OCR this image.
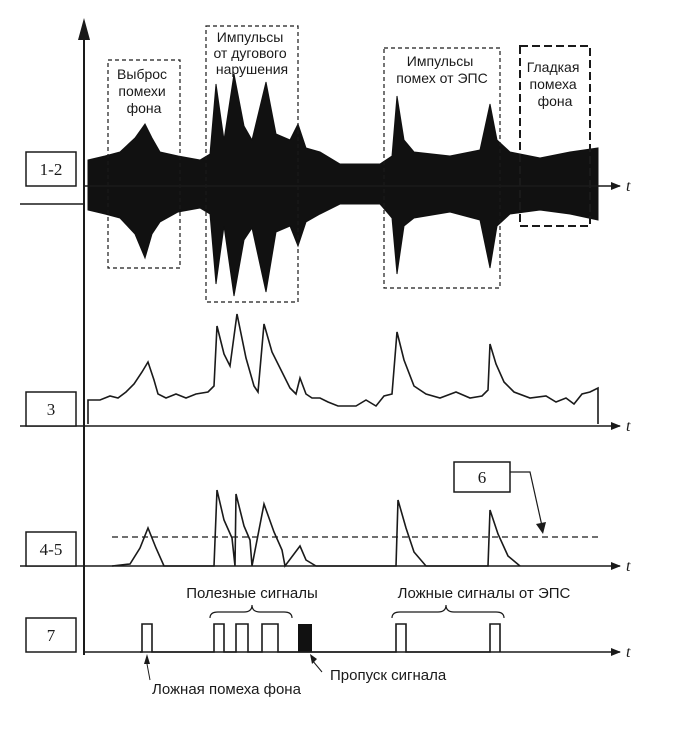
1-2
t
Выброс помехи фона
Импульсы от дугового нарушения	Импульсы помех от ЭПС
Гладкая помеха фона
3
t
4-5
6
t
7
t
Полезные сигналы	Ложные сигналы от ЭПС
Ложная помеха фона
Пропуск сигнала
